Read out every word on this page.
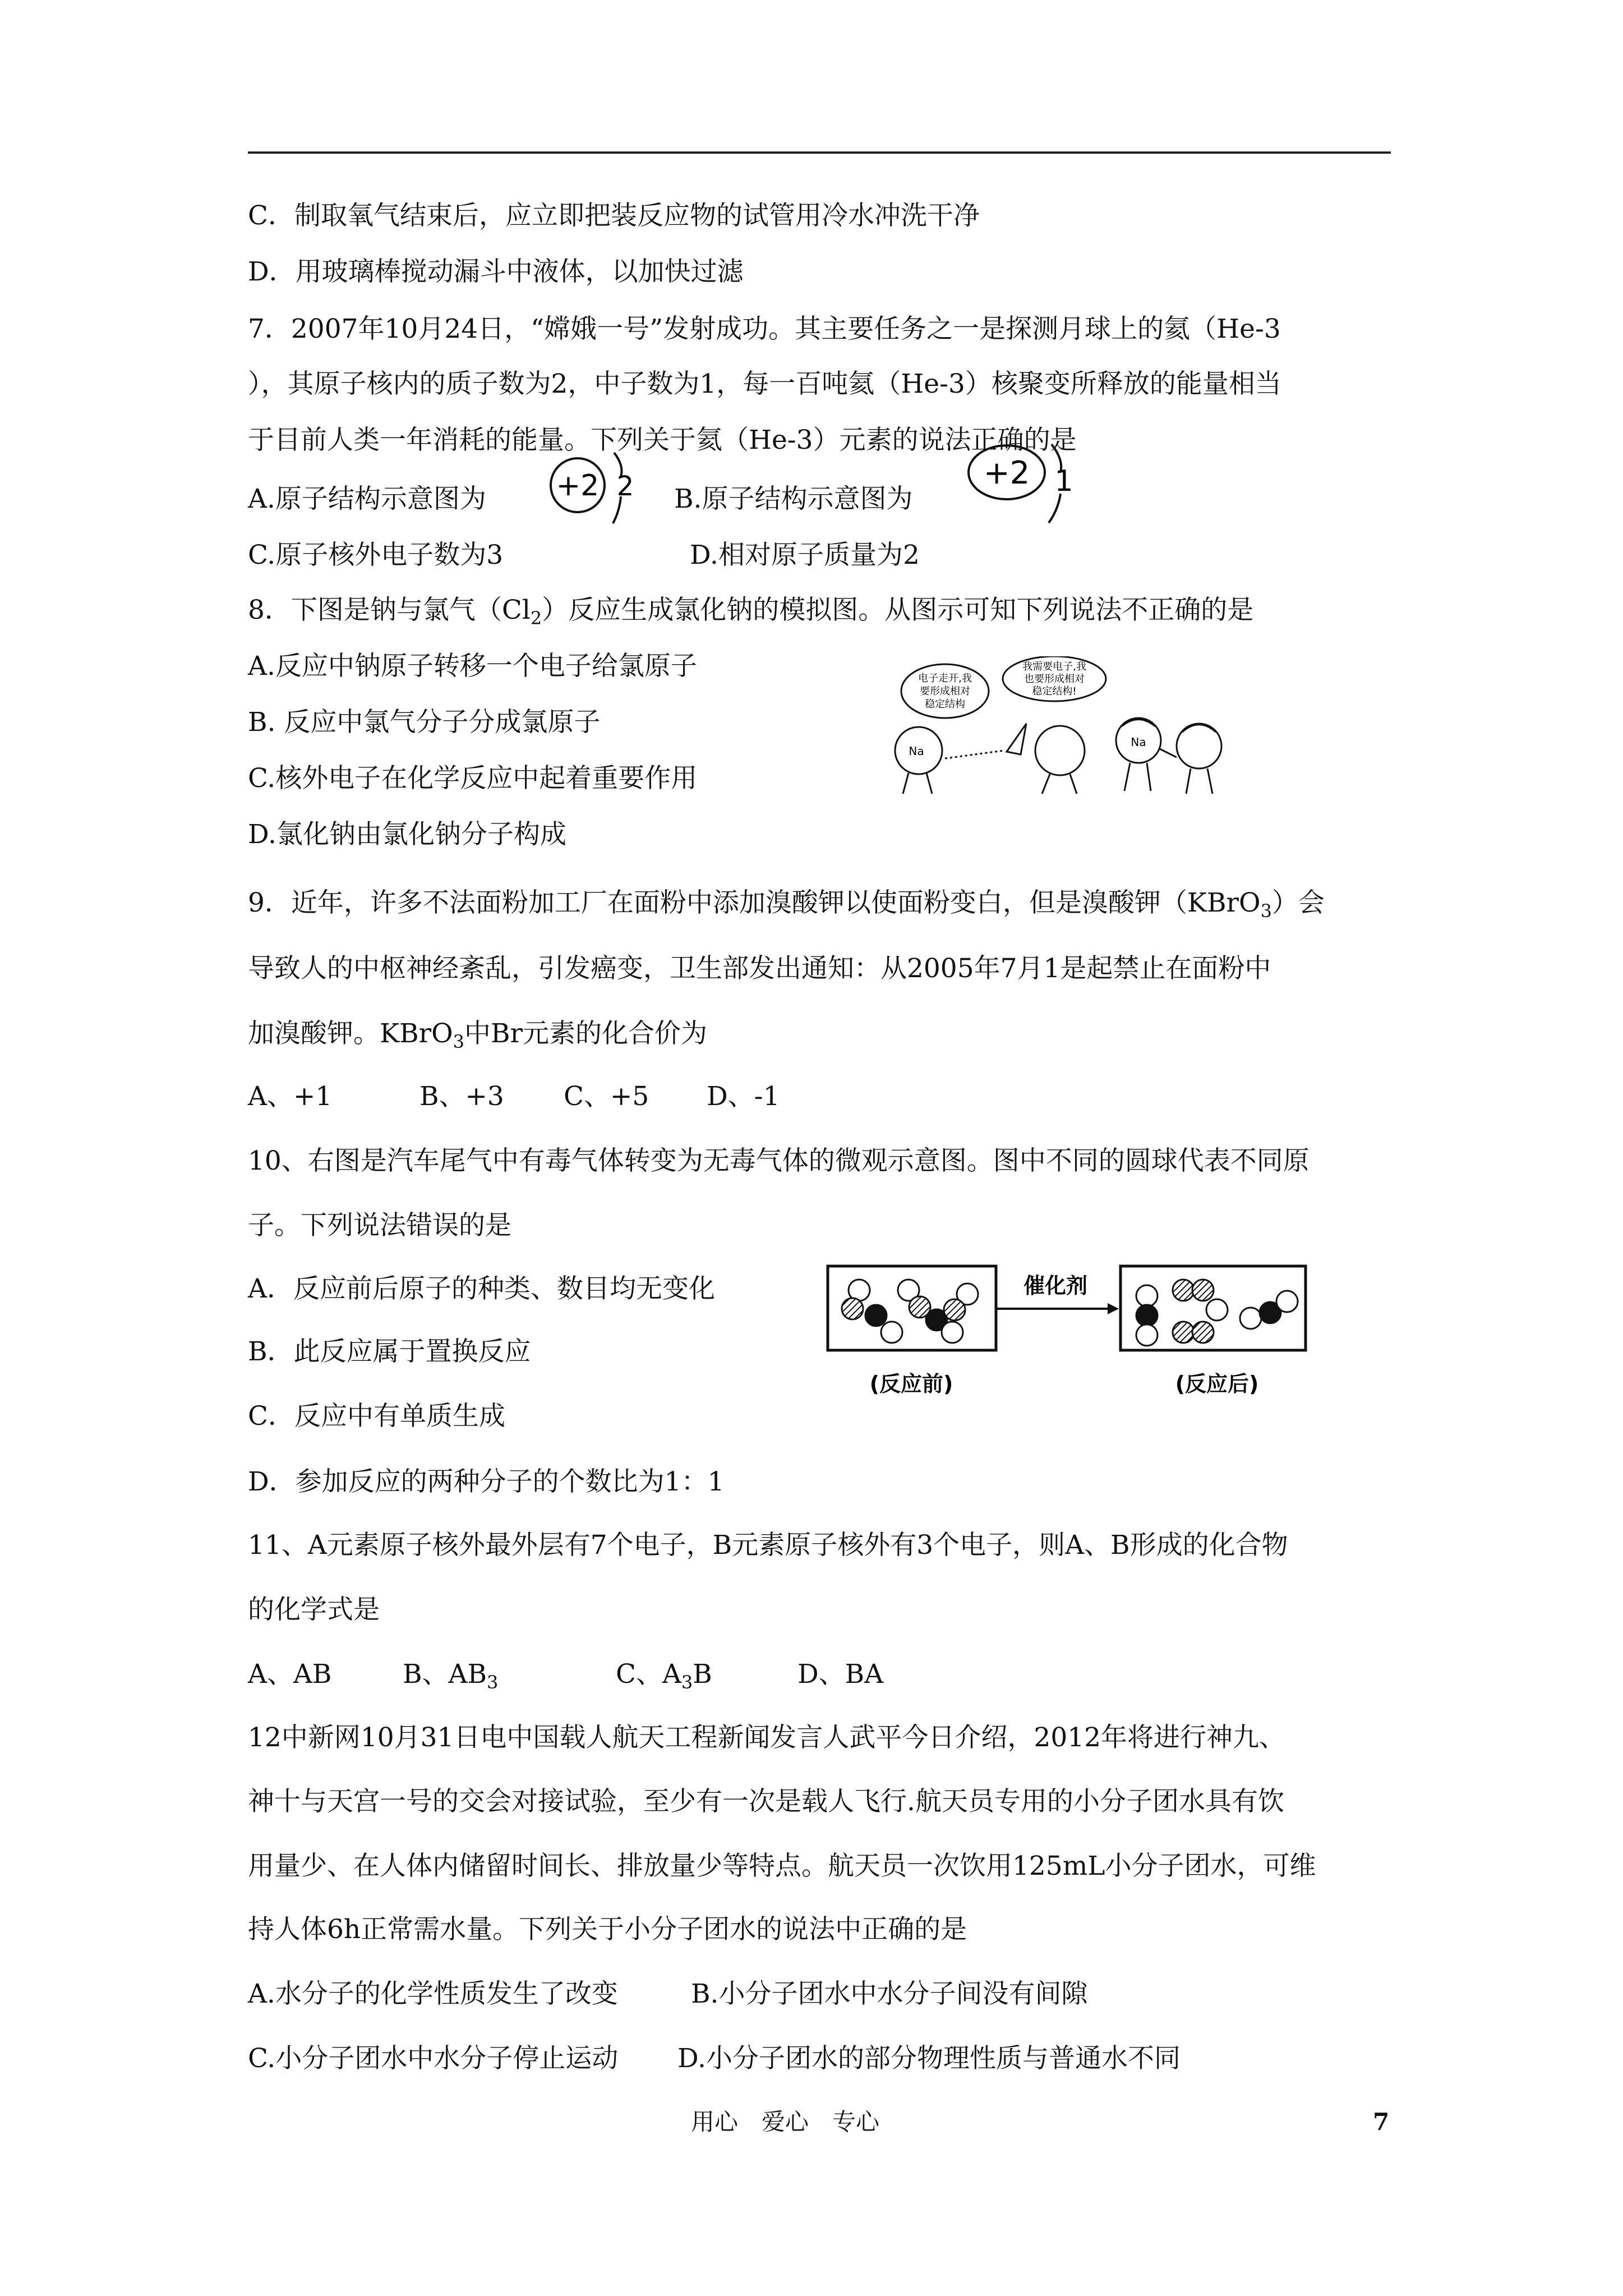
C．制取氧气结束后，应立即把装反应物的试管用冷水冲洗干净
D．用玻璃棒搅动漏斗中液体，以加快过滤
7．2007年10月24日，“嫦娥一号”发射成功。其主要任务之一是探测月球上的氦（He-3
），其原子核内的质子数为2，中子数为1，每一百吨氦（He-3）核聚变所释放的能量相当
于目前人类一年消耗的能量。下列关于氦（He-3）元素的说法正确的是
A.原子结构示意图为 +2 2 B.原子结构示意图为
+2 1
C.原子核外电子数为3	D.相对原子质量为2
8．下图是钠与氯气$(Cl_2)$反应生成氯化钠的模拟图。从图示可知下列说法不正确的是
A.反应中钠原子转移一个电子给氯原子
B. 反应中氯气分子分成氯原子
C.核外电子在化学反应中起着重要作用
D.氯化钠由氯化钠分子构成
电子走开,我
要形成相对
稳定结构
我需要电子,我
也要形成相对
稳定结构!
Na
Na
9．近年，许多不法面粉加工厂在面粉中添加溴酸钾以使面粉变白，但是溴酸钾（KBrO$_3$）会
导致人的中枢神经紊乱，引发癌变，卫生部发出通知：从2005年7月1是起禁止在面粉中
加溴酸钾。KBrO$_3$中Br元素的化合价为
A、+1	B、+3 C、+5 D、-1
10、右图是汽车尾气中有毒气体转变为无毒气体的微观示意图。图中不同的圆球代表不同原
子。下列说法错误的是
A．反应前后原子的种类、数目均无变化
B．此反应属于置换反应
C．反应中有单质生成
D．参加反应的两种分子的个数比为1：1
(反应前)
催化剂
(反应后)
11、A元素原子核外最外层有7个电子，B元素原子核外有3个电子，则A、B形成的化合物
的化学式是
A、AB	B、$AB_3$	C、$A_3B$	D、BA
12中新网10月31日电中国载人航天工程新闻发言人武平今日介绍，2012年将进行神九、
神十与天宫一号的交会对接试验，至少有一次是载人飞行.航天员专用的小分子团水具有饮
用量少、在人体内储留时间长、排放量少等特点。航天员一次饮用125mL小分子团水，可维
持人体6h正常需水量。下列关于小分子团水的说法中正确的是
A.水分子的化学性质发生了改变	B.小分子团水中水分子间没有间隙
C.小分子团水中水分子停止运动 D.小分子团水的部分物理性质与普通水不同
用心　爱心　专心	7
